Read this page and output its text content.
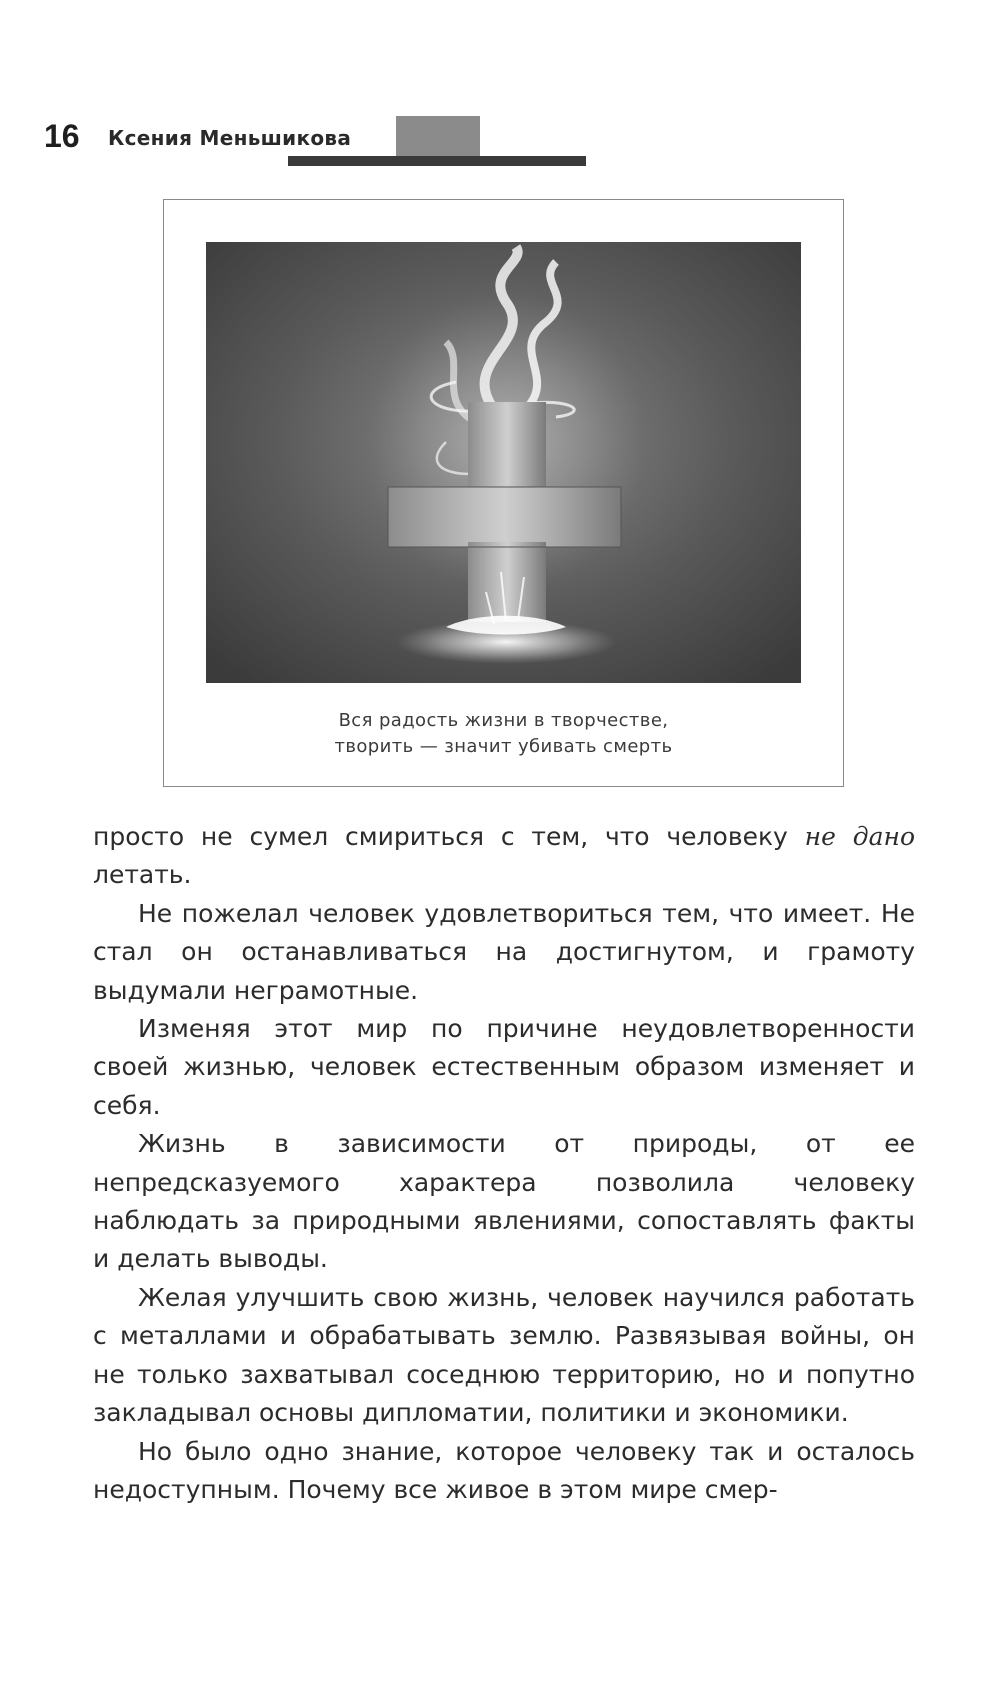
16 Ксения Меньшикова
Вся радость жизни в творчестве,
творить — значит убивать смерть

просто не сумел смириться с тем, что человеку не дано летать.

Не пожелал человек удовлетвориться тем, что имеет. Не стал он останавливаться на достигнутом, и грамоту выдумали неграмотные.

Изменяя этот мир по причине неудовлетворенности своей жизнью, человек естественным образом изменяет и себя.

Жизнь в зависимости от природы, от ее непредсказуемого характера позволила человеку наблюдать за природными явлениями, сопоставлять факты и делать выводы.

Желая улучшить свою жизнь, человек научился работать с металлами и обрабатывать землю. Развязывая войны, он не только захватывал соседнюю территорию, но и попутно закладывал основы дипломатии, политики и экономики.

Но было одно знание, которое человеку так и осталось недоступным. Почему все живое в этом мире смер-
